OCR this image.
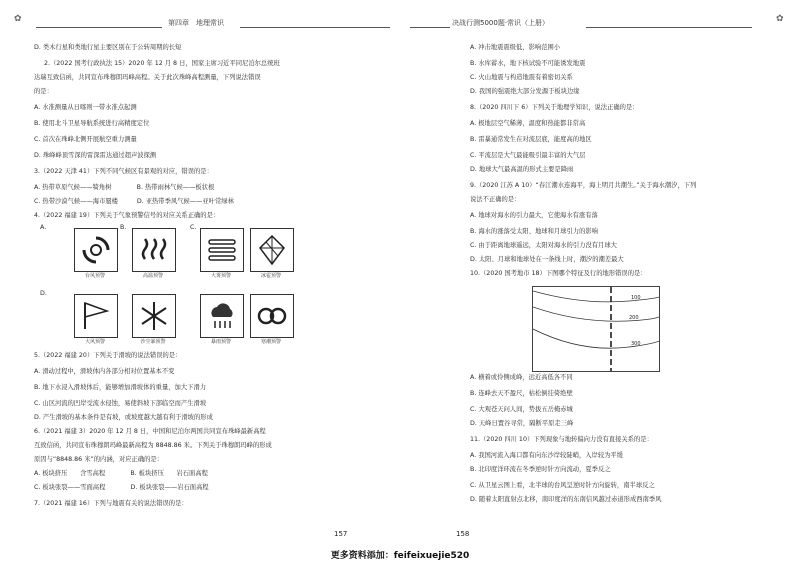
✿	第四章　地理常识
D. 类木行星和类地行星主要区别在于公转周期的长短
2.（2022 国考行政执法 15）2020 年 12 月 8 日，国家主席习近平同尼泊尔总统班
达瑞互致信函，共同宣布珠穆朗玛峰高程。关于此次珠峰高程测量，下列说法错误
的是：
A. 水准测量从日喀则一带水准点起测
B. 使用北斗卫星导航系统进行高精度定位
C. 首次在珠峰北侧开展航空重力测量
D. 珠峰峰顶雪深的雷深雷达通过超声波探测
3.（2022 天津 41）下列不同气候区有景观的对应，错误的是：
A. 热带草原气候——犄角树　　　　B. 热带雨林气候——板状根
C. 热带沙漠气候——海市蜃楼　　　D. 亚热带季风气候——亚叶常绿林
4.（2022 福建 19）下列关于气象预警信号的对应关系正确的是：
A.
台风预警
B.
高温预警
C.
大雾预警	冰雹预警
D.
大风预警	沙尘暴预警	暴雨预警	寒潮预警
5.（2022 福建 20）下列关于滑坡的说法错误的是：
A. 滑动过程中，滑坡体内各部分相对位置基本不变
B. 地下水浸入滑坡体后，能够增加滑坡体的重量，加大下滑力
C. 山区河流的凹岸受流水侵蚀，易使斜坡下部临空而产生滑坡
D. 产生滑坡的基本条件是有坡，或坡度越大越有利于滑坡的形成
6.（2021 福建 3）2020 年 12 月 8 日，中国和尼泊尔两国共同宣布珠峰最新高程
互致信函，共同宣布珠穆朗玛峰最新高程为 8848.86 米。下列关于珠穆朗玛峰的形成
原因与“8848.86 米”的内涵，对应正确的是：
A. 板块挤压　　含雪高程　　　　B. 板块挤压　　岩石面高程
C. 板块张裂——雪面高程　　　　D. 板块张裂——岩石面高程
7.（2021 福建 16）下列与地震有关的说法错误的是：
157
决战行测5000题·常识（上册）	✿
A. 冲击地震震级低，影响范围小
B. 水库蓄水，地下核试验不可能诱发地震
C. 火山地震与构造地震有着密切关系
D. 我国的强震绝大部分发源于板块边缘
8.（2020 四川下 6）下列关于地理学知识，说法正确的是：
A. 极地层空气稀薄，温度和热能都非常高
B. 雷暴通常发生在对流层底，能度高的地区
C. 平流层是大气最能吸引最丰富的大气层
D. 地球大气最高温的形式主要是降雨
9.（2020 江苏 A 10）“春江潮水连海平，海上明月共潮生。”关于海水潮汐，下列
说法不正确的是：
A. 地球对海水的引力最大，它使海水有涨有落
B. 海水的涨落受太阳、地球和月球引力的影响
C. 由于距离地球遥远，太阳对海水的引力没有月球大
D. 太阳、月球和地球处在一条线上时，潮汐的潮差最大
10.（2020 国考地市 18）下图哪个特征及行的地形错误的是：
A. 横着或伶侧成峰，远近高低各不同
B. 连峰去天不盈尺，枯松倒挂倚绝壁
C. 大观苍天问人间，势拔五岳掩赤城
D. 天峰日置谷寻常，隔断平原走三峰
11.（2020 四川 10）下列现象与地转偏向力没有直接关系的是：
A. 我国河流入海口都有向东沙岸较陡峭，入岸较为平缓
B. 北印度洋环流在冬季逆时针方向流动，夏季反之
C. 从卫星云图上看，北半球的台风呈逆时针方向旋转，南半球反之
D. 随着太阳直射点北移，南印度洋的东南信风越过赤道形成西南季风
158
100
200
300
更多资料添加：feifeixuejie520
